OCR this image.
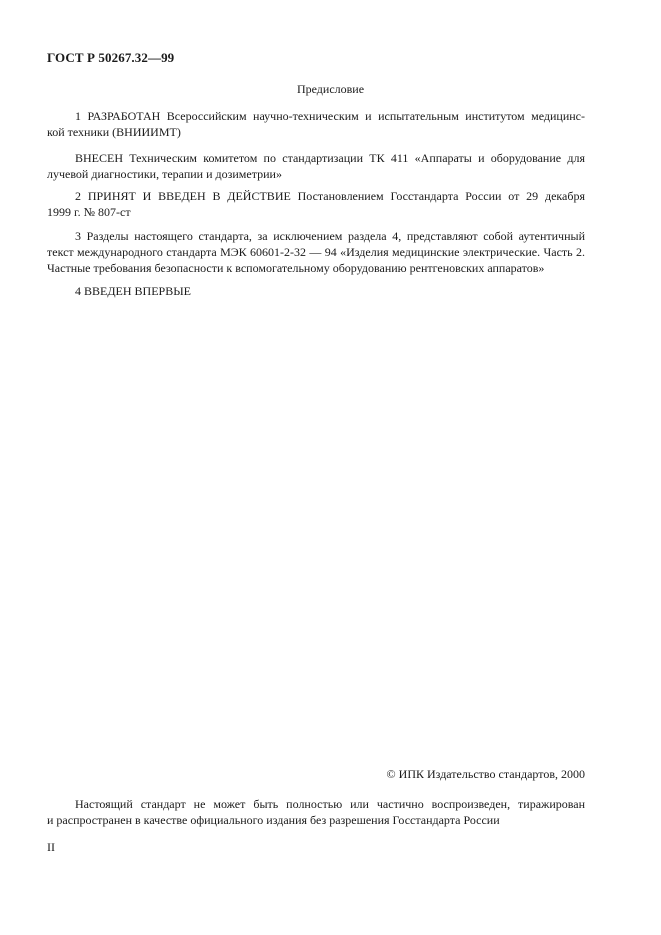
ГОСТ Р 50267.32—99
Предисловие
1 РАЗРАБОТАН Всероссийским научно-техническим и испытательным институтом медицинс-
кой техники (ВНИИИМТ)
ВНЕСЕН Техническим комитетом по стандартизации ТК 411 «Аппараты и оборудование для
лучевой диагностики, терапии и дозиметрии»
2 ПРИНЯТ И ВВЕДЕН В ДЕЙСТВИЕ Постановлением Госстандарта России от 29 декабря
1999 г. № 807-ст
3 Разделы настоящего стандарта, за исключением раздела 4, представляют собой аутентичный
текст международного стандарта МЭК 60601-2-32 — 94 «Изделия медицинские электрические. Часть 2.
Частные требования безопасности к вспомогательному оборудованию рентгеновских аппаратов»
4 ВВЕДЕН ВПЕРВЫЕ
© ИПК Издательство стандартов, 2000
Настоящий стандарт не может быть полностью или частично воспроизведен, тиражирован
и распространен в качестве официального издания без разрешения Госстандарта России
II
